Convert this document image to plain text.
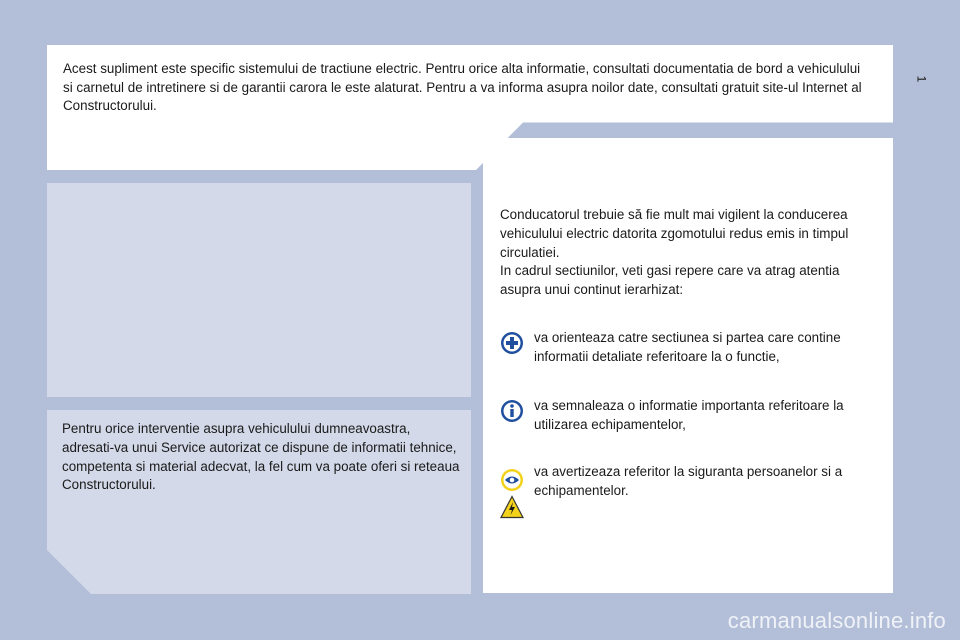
Acest supliment este specific sistemului de tractiune electric. Pentru orice alta informatie, consultati documentatia de bord a vehiculului si carnetul de intretinere si de garantii carora le este alaturat. Pentru a va informa asupra noilor date, consultati gratuit site-ul Internet al Constructorului.
1
Pentru orice interventie asupra vehiculului dumneavoastra, adresati-va unui Service autorizat ce dispune de informatii tehnice, competenta si material adecvat, la fel cum va poate oferi si reteaua Constructorului.
Conducatorul trebuie să fie mult mai vigilent la conducerea vehiculului electric datorita zgomotului redus emis in timpul circulatiei.
In cadrul sectiunilor, veti gasi repere care va atrag atentia asupra unui continut ierarhizat:
va orienteaza catre sectiunea si partea care contine informatii detaliate referitoare la o functie,
va semnaleaza o informatie importanta referitoare la utilizarea echipamentelor,
va avertizeaza referitor la siguranta persoanelor si a echipamentelor.
carmanualsonline.info
